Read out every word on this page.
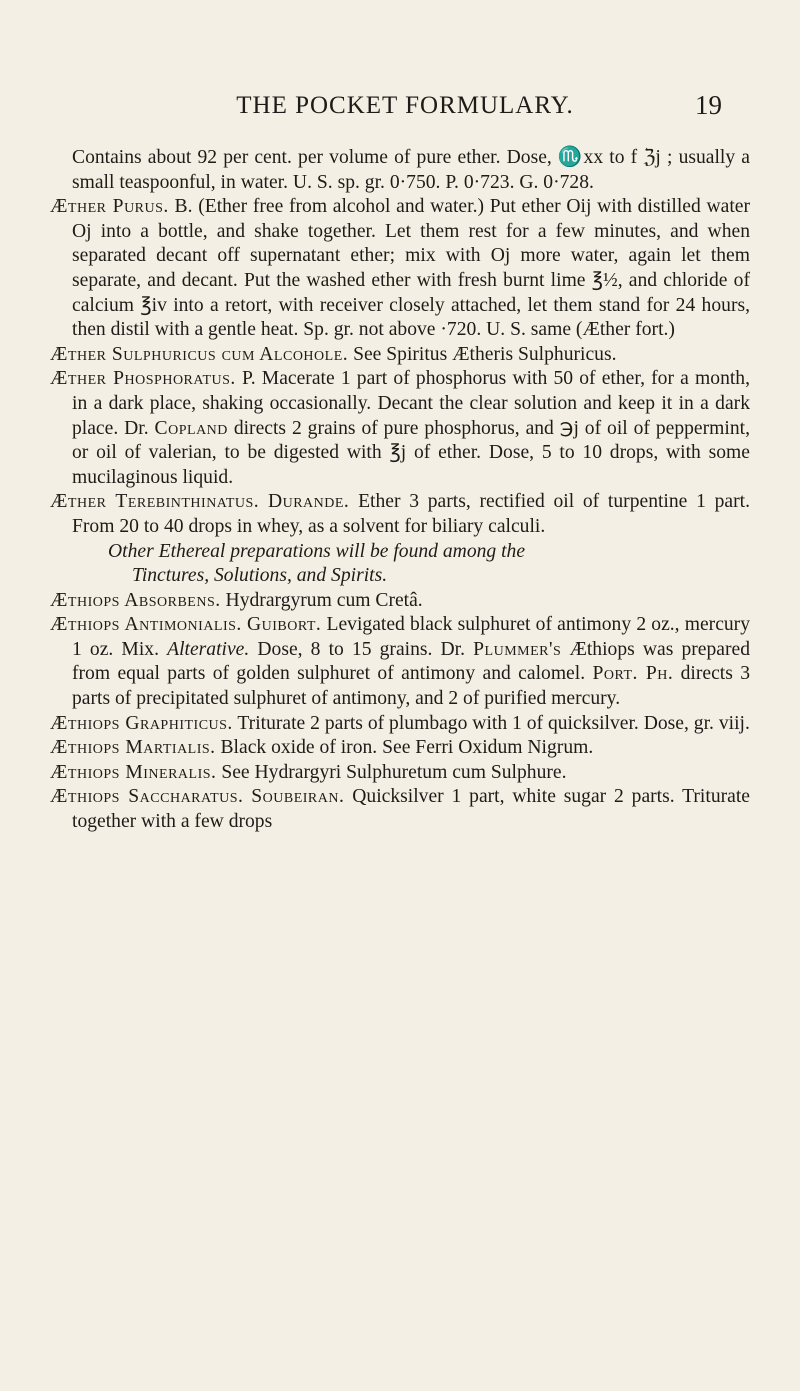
THE POCKET FORMULARY.	19

Contains about 92 per cent. per volume of pure ether. Dose, ♏xx to f ℨj ; usually a small teaspoonful, in water. U. S. sp. gr. 0·750. P. 0·723. G. 0·728.

Æther Purus. B. (Ether free from alcohol and water.) Put ether Oij with distilled water Oj into a bottle, and shake together. Let them rest for a few minutes, and when separated decant off supernatant ether; mix with Oj more water, again let them separate, and decant. Put the washed ether with fresh burnt lime ℥½, and chloride of calcium ℥iv into a retort, with receiver closely attached, let them stand for 24 hours, then distil with a gentle heat. Sp. gr. not above ·720. U. S. same (Æther fort.)

Æther Sulphuricus cum Alcohole. See Spiritus Ætheris Sulphuricus.

Æther Phosphoratus. P. Macerate 1 part of phosphorus with 50 of ether, for a month, in a dark place, shaking occasionally. Decant the clear solution and keep it in a dark place. Dr. Copland directs 2 grains of pure phosphorus, and ℈j of oil of peppermint, or oil of valerian, to be digested with ℥j of ether. Dose, 5 to 10 drops, with some mucilaginous liquid.

Æther Terebinthinatus. Durande. Ether 3 parts, rectified oil of turpentine 1 part. From 20 to 40 drops in whey, as a solvent for biliary calculi.

Other Ethereal preparations will be found among the

Tinctures, Solutions, and Spirits.

Æthiops Absorbens. Hydrargyrum cum Cretâ.

Æthiops Antimonialis. Guibort. Levigated black sulphuret of antimony 2 oz., mercury 1 oz. Mix. Alterative. Dose, 8 to 15 grains. Dr. Plummer's Æthiops was prepared from equal parts of golden sulphuret of antimony and calomel. Port. Ph. directs 3 parts of precipitated sulphuret of antimony, and 2 of purified mercury.

Æthiops Graphiticus. Triturate 2 parts of plumbago with 1 of quicksilver. Dose, gr. viij.

Æthiops Martialis. Black oxide of iron. See Ferri Oxidum Nigrum.

Æthiops Mineralis. See Hydrargyri Sulphuretum cum Sulphure.

Æthiops Saccharatus. Soubeiran. Quicksilver 1 part, white sugar 2 parts. Triturate together with a few drops
